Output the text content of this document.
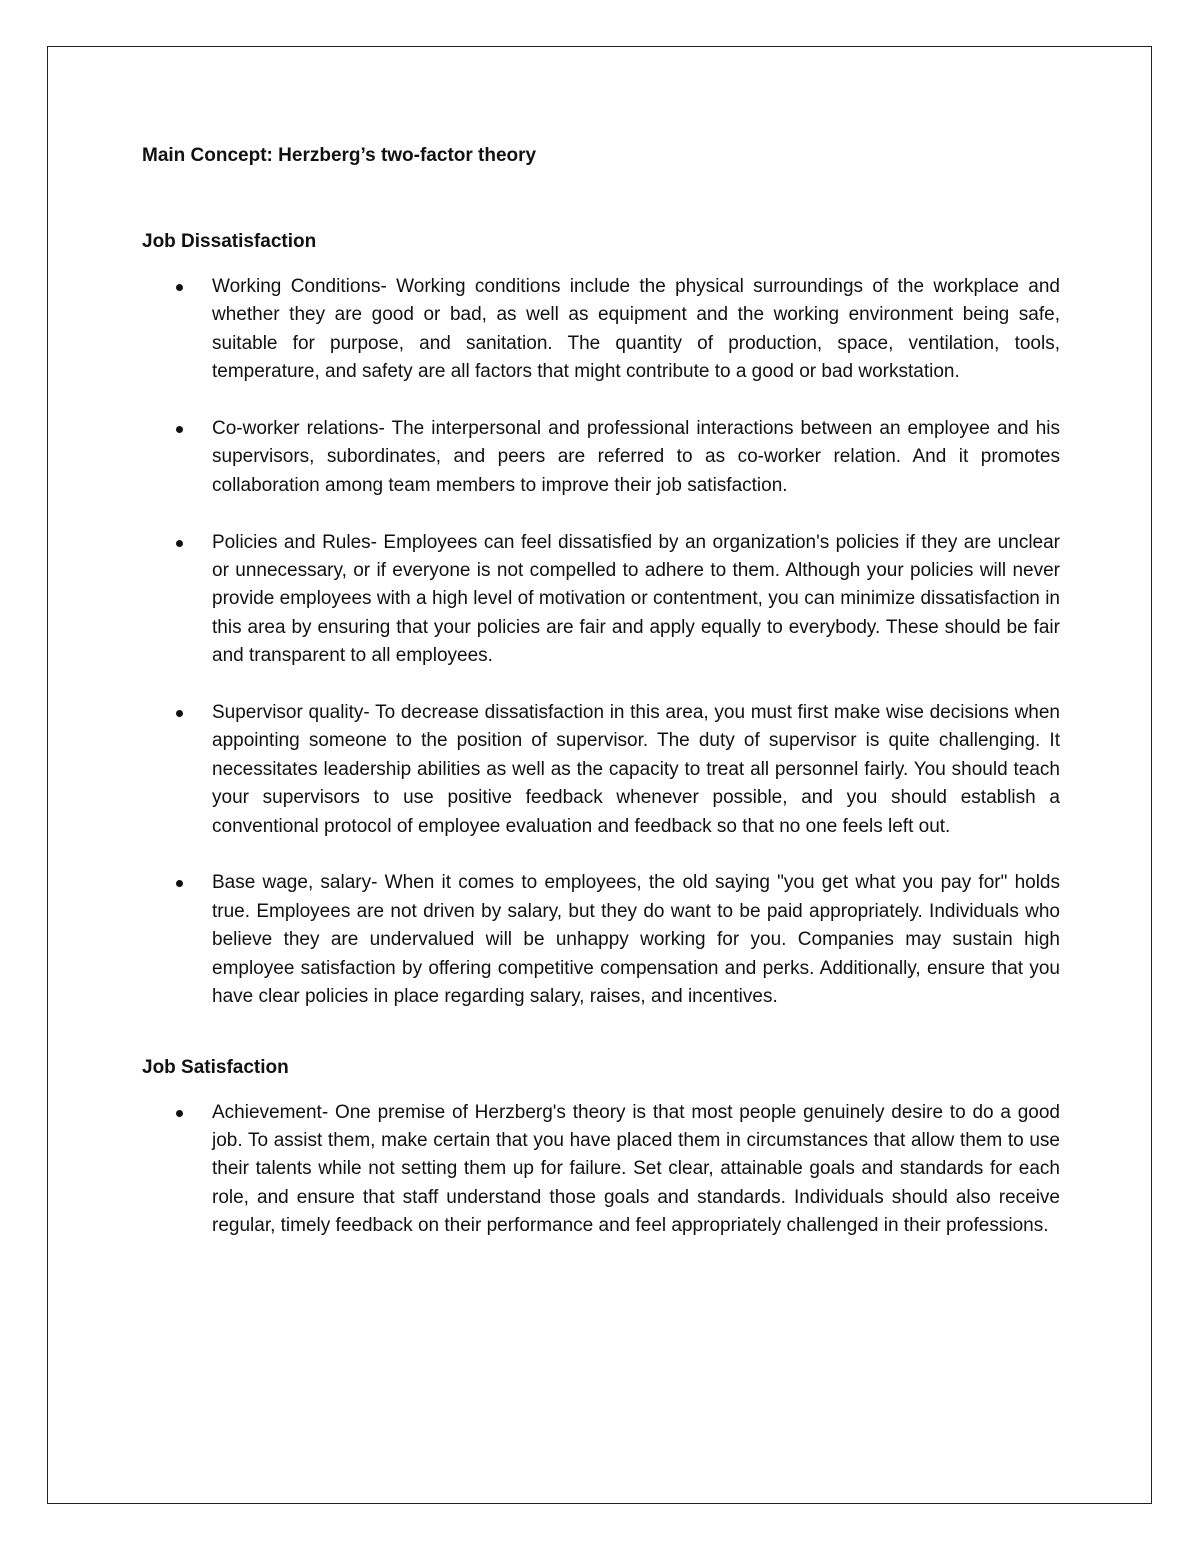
Main Concept: Herzberg’s two-factor theory
Job Dissatisfaction
Working Conditions- Working conditions include the physical surroundings of the workplace and whether they are good or bad, as well as equipment and the working environment being safe, suitable for purpose, and sanitation. The quantity of production, space, ventilation, tools, temperature, and safety are all factors that might contribute to a good or bad workstation.
Co-worker relations- The interpersonal and professional interactions between an employee and his supervisors, subordinates, and peers are referred to as co-worker relation. And it promotes collaboration among team members to improve their job satisfaction.
Policies and Rules- Employees can feel dissatisfied by an organization's policies if they are unclear or unnecessary, or if everyone is not compelled to adhere to them. Although your policies will never provide employees with a high level of motivation or contentment, you can minimize dissatisfaction in this area by ensuring that your policies are fair and apply equally to everybody. These should be fair and transparent to all employees.
Supervisor quality- To decrease dissatisfaction in this area, you must first make wise decisions when appointing someone to the position of supervisor. The duty of supervisor is quite challenging. It necessitates leadership abilities as well as the capacity to treat all personnel fairly. You should teach your supervisors to use positive feedback whenever possible, and you should establish a conventional protocol of employee evaluation and feedback so that no one feels left out.
Base wage, salary- When it comes to employees, the old saying "you get what you pay for" holds true. Employees are not driven by salary, but they do want to be paid appropriately. Individuals who believe they are undervalued will be unhappy working for you. Companies may sustain high employee satisfaction by offering competitive compensation and perks. Additionally, ensure that you have clear policies in place regarding salary, raises, and incentives.
Job Satisfaction
Achievement- One premise of Herzberg's theory is that most people genuinely desire to do a good job. To assist them, make certain that you have placed them in circumstances that allow them to use their talents while not setting them up for failure. Set clear, attainable goals and standards for each role, and ensure that staff understand those goals and standards. Individuals should also receive regular, timely feedback on their performance and feel appropriately challenged in their professions.
